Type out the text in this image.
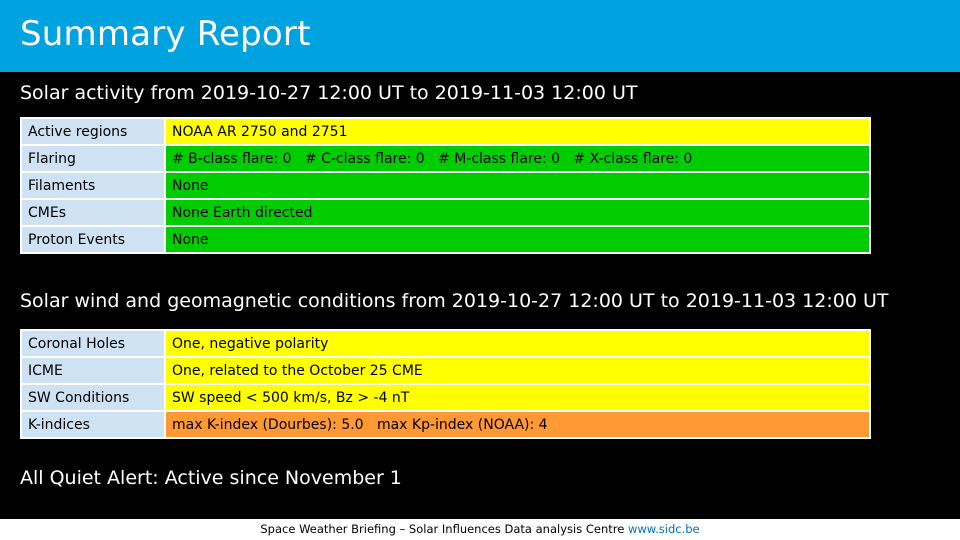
Summary Report
Solar activity from 2019-10-27 12:00 UT to 2019-11-03 12:00 UT
Active regions	NOAA AR 2750 and 2751
Flaring	# B-class flare: 0   # C-class flare: 0   # M-class flare: 0   # X-class flare: 0
Filaments	None
CMEs	None Earth directed
Proton Events	None
Solar wind and geomagnetic conditions from 2019-10-27 12:00 UT to 2019-11-03 12:00 UT
Coronal Holes	One, negative polarity
ICME	One, related to the October 25 CME
SW Conditions	SW speed < 500 km/s, Bz > -4 nT
K-indices	max K-index (Dourbes): 5.0   max Kp-index (NOAA): 4
All Quiet Alert: Active since November 1
Space Weather Briefing – Solar Influences Data analysis Centre www.sidc.be
